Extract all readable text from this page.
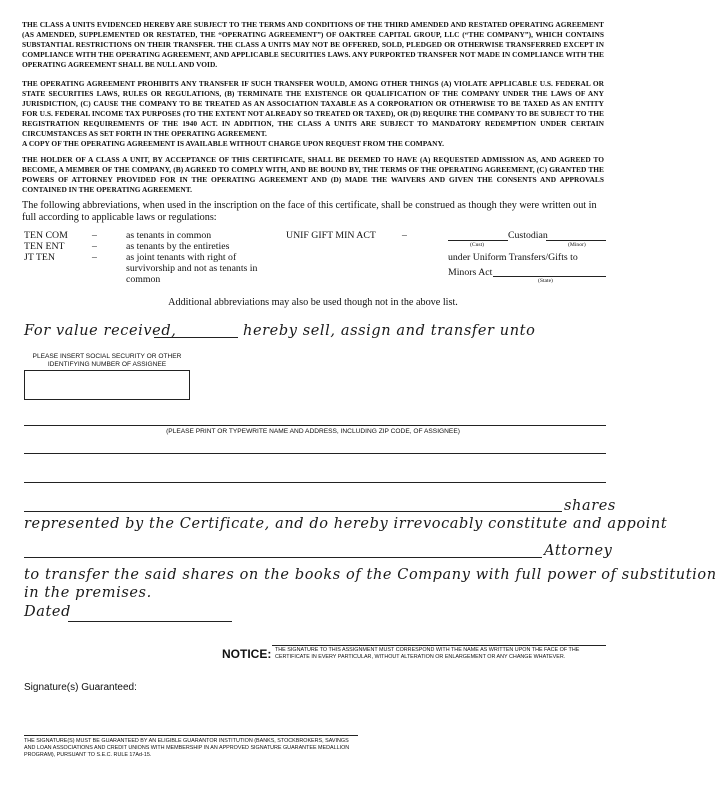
THE CLASS A UNITS EVIDENCED HEREBY ARE SUBJECT TO THE TERMS AND CONDITIONS OF THE THIRD AMENDED AND RESTATED OPERATING AGREEMENT (AS AMENDED, SUPPLEMENTED OR RESTATED, THE “OPERATING AGREEMENT”) OF OAKTREE CAPITAL GROUP, LLC (“THE COMPANY”), WHICH CONTAINS SUBSTANTIAL RESTRICTIONS ON THEIR TRANSFER. THE CLASS A UNITS MAY NOT BE OFFERED, SOLD, PLEDGED OR OTHERWISE TRANSFERRED EXCEPT IN COMPLIANCE WITH THE OPERATING AGREEMENT, AND APPLICABLE SECURITIES LAWS. ANY PURPORTED TRANSFER NOT MADE IN COMPLIANCE WITH THE OPERATING AGREEMENT SHALL BE NULL AND VOID.

THE OPERATING AGREEMENT PROHIBITS ANY TRANSFER IF SUCH TRANSFER WOULD, AMONG OTHER THINGS (A) VIOLATE APPLICABLE U.S. FEDERAL OR STATE SECURITIES LAWS, RULES OR REGULATIONS, (B) TERMINATE THE EXISTENCE OR QUALIFICATION OF THE COMPANY UNDER THE LAWS OF ANY JURISDICTION, (C) CAUSE THE COMPANY TO BE TREATED AS AN ASSOCIATION TAXABLE AS A CORPORATION OR OTHERWISE TO BE TAXED AS AN ENTITY FOR U.S. FEDERAL INCOME TAX PURPOSES (TO THE EXTENT NOT ALREADY SO TREATED OR TAXED), OR (D) REQUIRE THE COMPANY TO BE SUBJECT TO THE REGISTRATION REQUIREMENTS OF THE 1940 ACT. IN ADDITION, THE CLASS A UNITS ARE SUBJECT TO MANDATORY REDEMPTION UNDER CERTAIN CIRCUMSTANCES AS SET FORTH IN THE OPERATING AGREEMENT.

A COPY OF THE OPERATING AGREEMENT IS AVAILABLE WITHOUT CHARGE UPON REQUEST FROM THE COMPANY.

THE HOLDER OF A CLASS A UNIT, BY ACCEPTANCE OF THIS CERTIFICATE, SHALL BE DEEMED TO HAVE (A) REQUESTED ADMISSION AS, AND AGREED TO BECOME, A MEMBER OF THE COMPANY, (B) AGREED TO COMPLY WITH, AND BE BOUND BY, THE TERMS OF THE OPERATING AGREEMENT, (C) GRANTED THE POWERS OF ATTORNEY PROVIDED FOR IN THE OPERATING AGREEMENT AND (D) MADE THE WAIVERS AND GIVEN THE CONSENTS AND APPROVALS CONTAINED IN THE OPERATING AGREEMENT.

The following abbreviations, when used in the inscription on the face of this certificate, shall be construed as though they were written out in full according to applicable laws or regulations:

TEN COM –	as tenants in common
TEN ENT	–	as tenants by the entireties
JT TEN	–	as joint tenants with right of survivorship and not as tenants in common
UNIF GIFT MIN ACT	–	Custodian
(Cust)	(Minor)
under Uniform Transfers/Gifts to
Minors Act
(State)
Additional abbreviations may also be used though not in the above list.
For value received,	hereby sell, assign and transfer unto
PLEASE INSERT SOCIAL SECURITY OR OTHER IDENTIFYING NUMBER OF ASSIGNEE
(PLEASE PRINT OR TYPEWRITE NAME AND ADDRESS, INCLUDING ZIP CODE, OF ASSIGNEE)
shares
represented by the Certificate, and do hereby irrevocably constitute and appoint
Attorney
to transfer the said shares on the books of the Company with full power of substitution
in the premises.
Dated
NOTICE: THE SIGNATURE TO THIS ASSIGNMENT MUST CORRESPOND WITH THE NAME AS WRITTEN UPON THE FACE OF THE CERTIFICATE IN EVERY PARTICULAR, WITHOUT ALTERATION OR ENLARGEMENT OR ANY CHANGE WHATEVER.
Signature(s) Guaranteed:
THE SIGNATURE(S) MUST BE GUARANTEED BY AN ELIGIBLE GUARANTOR INSTITUTION (BANKS, STOCKBROKERS, SAVINGS AND LOAN ASSOCIATIONS AND CREDIT UNIONS WITH MEMBERSHIP IN AN APPROVED SIGNATURE GUARANTEE MEDALLION PROGRAM), PURSUANT TO S.E.C. RULE 17Ad-15.
